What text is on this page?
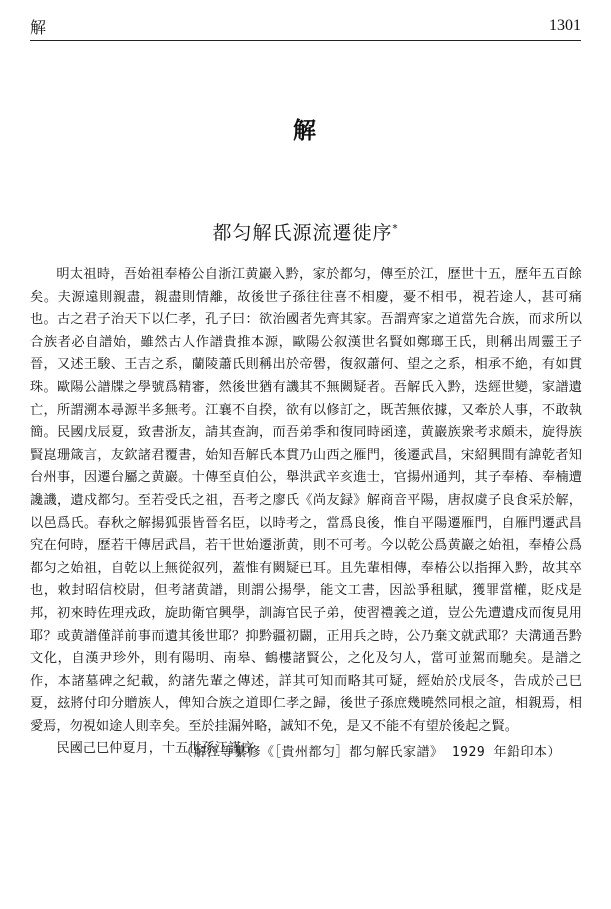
解	1301
解
都匀解氏源流遷徙序*

明太祖時，吾始祖奉椿公自浙江黄巖入黔，家於都匀，傳至於江，歷世十五，歷年五百餘矣。夫源遠則親盡，親盡則情離，故後世子孫往往喜不相慶，憂不相弔，視若途人，甚可痛也。古之君子治天下以仁孝，孔子曰：欲治國者先齊其家。吾謂齊家之道當先合族，而求所以合族者必自譜始，雖然古人作譜貴推本源，歐陽公叙漢世名賢如鄭瑯王氏，則稱出周靈王子晉，又述王駿、王吉之系，蘭陵蕭氏則稱出於帝嚳，復叙蕭何、望之之系，相承不絶，有如貫珠。歐陽公譜牒之學號爲精審，然後世猶有譏其不無闕疑者。吾解氏入黔，迭經世變，家譜遺亡，所謂溯本尋源半多無考。江襄不自揆，欲有以修訂之，既苦無依據，又牽於人事，不敢執簡。民國戊辰夏，致書浙友，請其查詢，而吾弟季和復同時函達，黄巖族衆考求頗未，旋得族賢崑珊箴言，友欽諸君覆書，始知吾解氏本貫乃山西之雁門，後遷武昌，宋紹興間有諱乾者知台州事，因遷台屬之黄巖。十傳至貞伯公，舉洪武辛亥進士，官揚州通判，其子奉椿、奉楠遭讒譏，遺戍都匀。至若受氏之祖，吾考之廖氏《尚友録》解商音平陽，唐叔虞子良食采於解，以邑爲氏。春秋之解揚狐張皆晉名臣，以時考之，當爲良後，惟自平陽遷雁門，自雁門遷武昌究在何時，歷若干傳居武昌，若干世始遷浙黄，則不可考。今以乾公爲黄巖之始祖，奉椿公爲都匀之始祖，自乾以上無從叙列，蓋惟有闕疑已耳。且先輩相傳，奉椿公以指揮入黔，故其卒也，敕封昭信校尉，但考諸黄譜，則謂公揚學，能文工書，因訟爭租賦，獲罪當權，貶戍是邦，初來時佐理戎政，旋助衛官興學，訓誨官民子弟，使習禮義之道，豈公先遭遺戍而復見用耶？或黄譜僅詳前事而遺其後世耶？抑黔疆初闢，正用兵之時，公乃棄文就武耶？夫溝通吾黔文化，自漢尹珍外，則有陽明、南皋、鶴樓諸賢公，之化及匀人，當可並駕而馳矣。是譜之作，本諸墓碑之紀載，約諸先輩之傳述，詳其可知而略其可疑，經始於戊辰冬，告成於己巳夏，玆將付印分贈族人，俾知合族之道即仁孝之歸，後世子孫庶幾曉然同根之誼，相親焉，相愛焉，勿視如途人則幸矣。至於挂漏舛略，誠知不免，是又不能不有望於後起之賢。

民國己巳仲夏月，十五世孫江謹序

（解江等纂修《［貴州都匀］都匀解氏家譜》 1929 年鉛印本）
